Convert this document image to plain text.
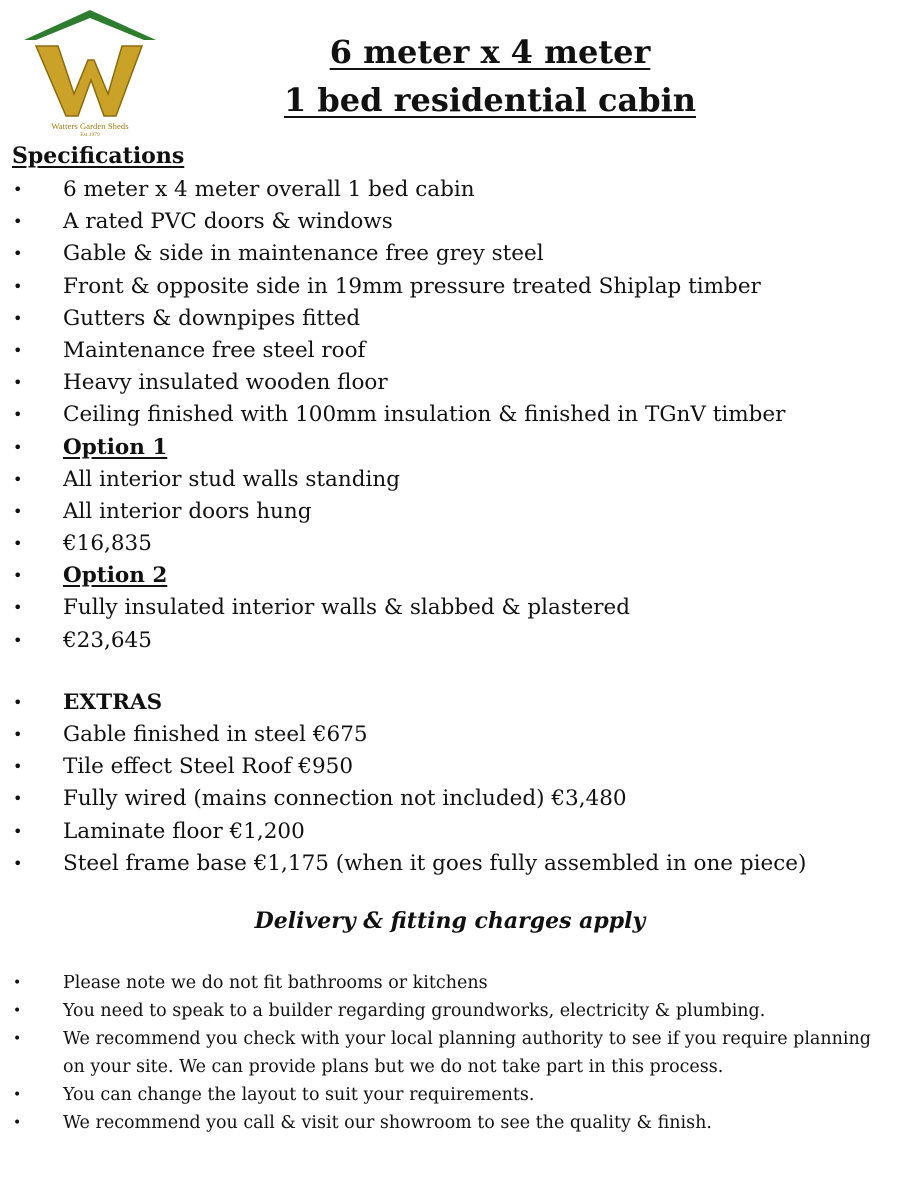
Watters Garden Sheds
Est.1979
6 meter x 4 meter
1 bed residential cabin
Specifications
• 6 meter x 4 meter overall 1 bed cabin
• A rated PVC doors & windows
• Gable & side in maintenance free grey steel
• Front & opposite side in 19mm pressure treated Shiplap timber
• Gutters & downpipes fitted
• Maintenance free steel roof
• Heavy insulated wooden floor
• Ceiling finished with 100mm insulation & finished in TGnV timber
• Option 1
• All interior stud walls standing
• All interior doors hung
• €16,835
• Option 2
• Fully insulated interior walls & slabbed & plastered
• €23,645
• EXTRAS
• Gable finished in steel €675
• Tile effect Steel Roof €950
• Fully wired (mains connection not included) €3,480
• Laminate floor €1,200
• Steel frame base €1,175 (when it goes fully assembled in one piece)
Delivery & fitting charges apply
• Please note we do not fit bathrooms or kitchens
• You need to speak to a builder regarding groundworks, electricity & plumbing.
• We recommend you check with your local planning authority to see if you require planning on your site. We can provide plans but we do not take part in this process.
• You can change the layout to suit your requirements.
• We recommend you call & visit our showroom to see the quality & finish.
